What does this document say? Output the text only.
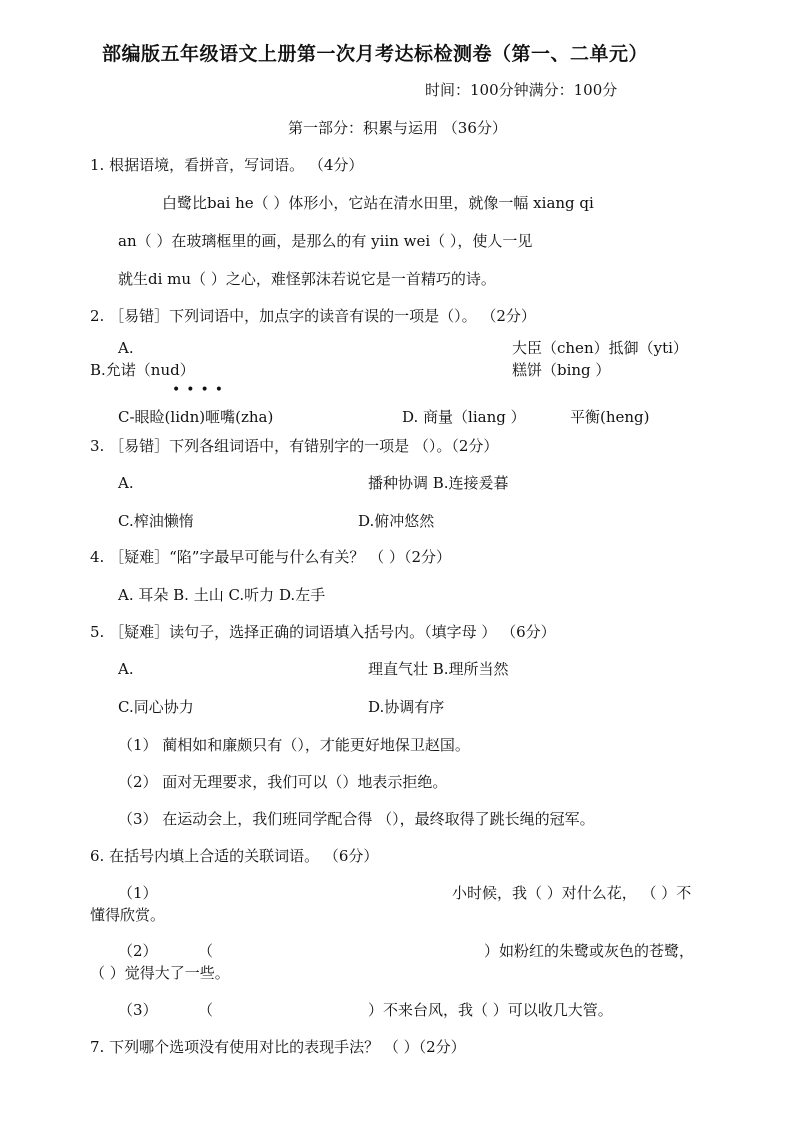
部编版五年级语文上册第一次月考达标检测卷（第一、二单元）
时间：100分钟满分：100分
第一部分：积累与运用 （36分）
1. 根据语境，看拼音，写词语。 （4分）
白鹭比bai he（ ）体形小，它站在清水田里，就像一幅 xiang qi
an（ ）在玻璃框里的画，是那么的有 yiin wei（ ），使人一见
就生di mu（ ）之心，难怪郭沫若说它是一首精巧的诗。
2. ［易错］下列词语中，加点字的读音有误的一项是（）。 （2分）
A.	大臣（chen）抵御（yti）
B.允诺（nud）	糕饼（bing ）
••••
C-眼睑(lidn)咂嘴(zha)	D. 商量（liang ）	平衡(heng)
3. ［易错］下列各组词语中，有错别字的一项是 （）。（2分）
A.	播种协调 B.连接爰暮
C.榨油懒惰	D.俯冲悠然
4. ［疑难］“陷”字最早可能与什么有关？ （ ）（2分）
A. 耳朵 B. 土山 C.听力 D.左手
5. ［疑难］读句子，选择正确的词语填入括号内。（填字母 ） （6分）
A.	理直气壮 B.理所当然
C.同心协力	D.协调有序
（1） 蔺相如和廉颇只有（），才能更好地保卫赵国。
（2） 面对无理要求，我们可以（）地表示拒绝。
（3） 在运动会上，我们班同学配合得 （），最终取得了跳长绳的冠军。
6. 在括号内填上合适的关联词语。 （6分）
（1）	小时候，我（ ）对什么花， （ ）不
懂得欣赏。
（2）	（	）如粉红的朱鹭或灰色的苍鹭，
（ ）觉得大了一些。
（3）	（	）不来台风，我（ ）可以收几大管。
7. 下列哪个选项没有使用对比的表现手法？ （ ）（2分）
